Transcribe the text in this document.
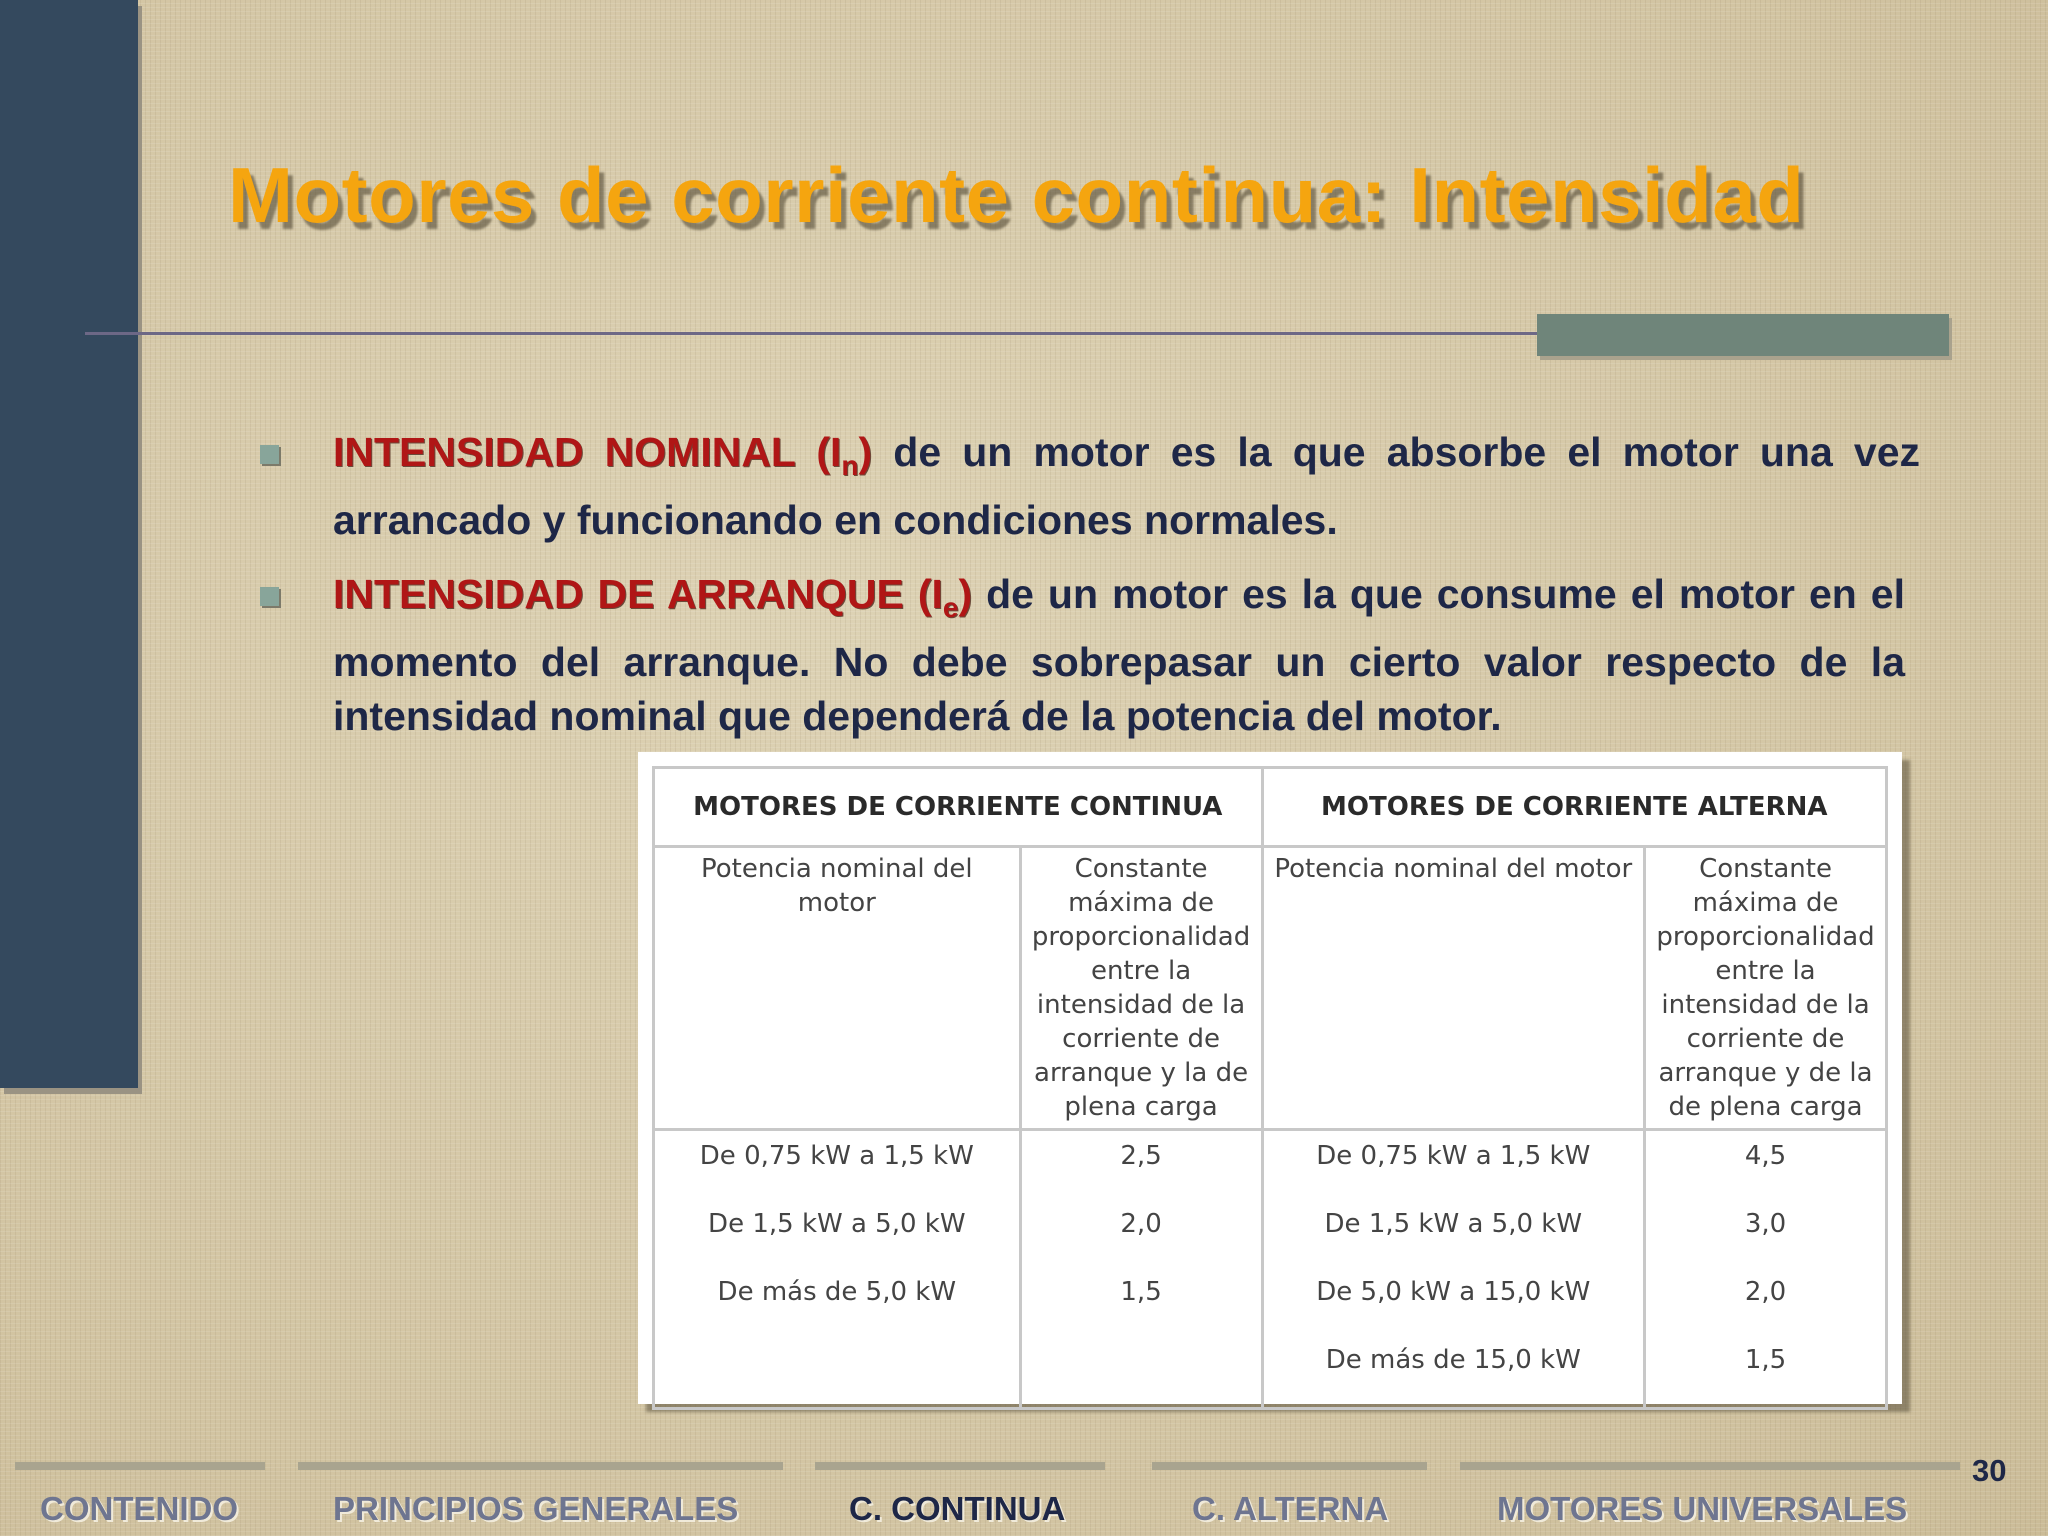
Motores de corriente continua: Intensidad

INTENSIDAD NOMINAL $(I_n)$ de un motor es la que absorbe el motor una vez arrancado y funcionando en condiciones normales.

INTENSIDAD DE ARRANQUE $(I_e)$ de un motor es la que consume el motor en el momento del arranque. No debe sobrepasar un cierto valor respecto de la intensidad nominal que dependerá de la potencia del motor.

MOTORES DE CORRIENTE CONTINUA		MOTORES DE CORRIENTE ALTERNA	
Potencia nominal del motor	Constante máxima de proporcionalidad entre la intensidad de la corriente de arranque y la de plena carga	Potencia nominal del motor	Constante máxima de proporcionalidad entre la intensidad de la corriente de arranque y de la de plena carga
De 0,75 kW a 1,5 kW	2,5	De 0,75 kW a 1,5 kW	4,5
De 1,5 kW a 5,0 kW	2,0	De 1,5 kW a 5,0 kW	3,0
De más de 5,0 kW	1,5	De 5,0 kW a 15,0 kW	2,0
		De más de 15,0 kW	1,5
30
CONTENIDO	PRINCIPIOS GENERALES	C. CONTINUA	C. ALTERNA	MOTORES UNIVERSALES
